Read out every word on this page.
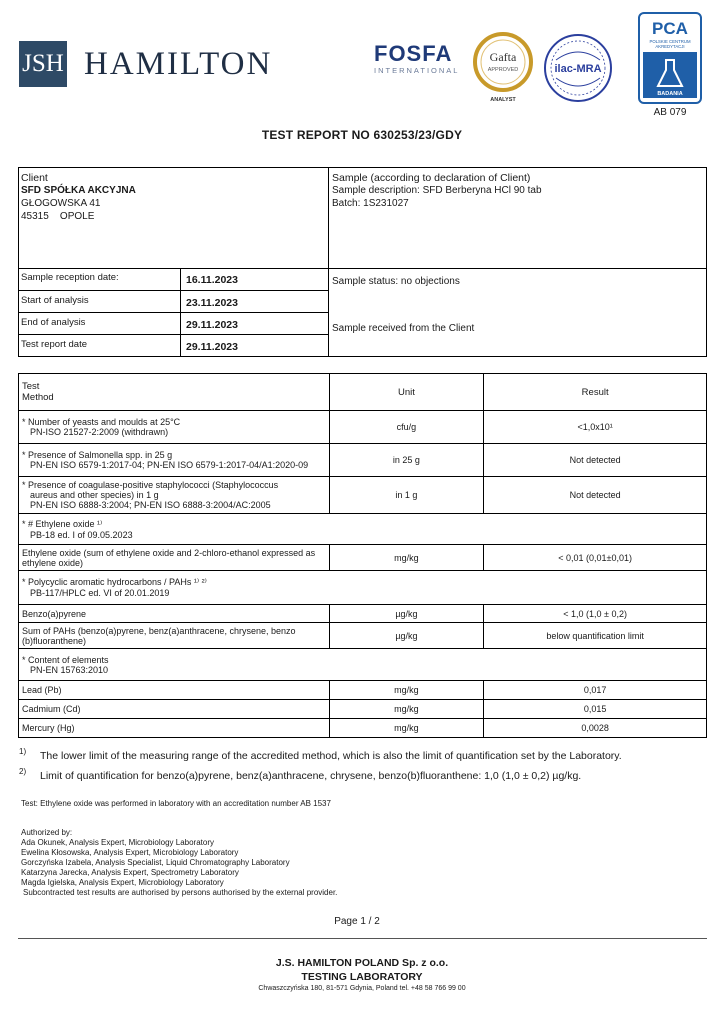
JSH HAMILTON	FOSFA
INTERNATIONAL
Gafta
APPROVED
ANALYST
ilac-MRA
PCA
POLSKIE CENTRUM
AKREDYTACJI
BADANIA
AB 079
TEST REPORT NO 630253/23/GDY
Client
SFD SPÓŁKA AKCYJNA
GŁOGOWSKA 41
45315    OPOLE
Sample (according to declaration of Client)
Sample description: SFD Berberyna HCl 90 tab
Batch: 1S231027
Sample status: no objections
Sample received from the Client
Sample reception date:	16.11.2023
Start of analysis	23.11.2023
End of analysis	29.11.2023
Test report date	29.11.2023
Test
Method	Unit	Result

* Number of yeasts and moulds at 25°C
PN-ISO 21527-2:2009 (withdrawn)	cfu/g	<1,0x10¹

* Presence of Salmonella spp. in 25 g
PN-EN ISO 6579-1:2017-04; PN-EN ISO 6579-1:2017-04/A1:2020-09	in 25 g	Not detected

* Presence of coagulase-positive staphylococci (Staphylococcus
aureus and other species) in 1 g
PN-EN ISO 6888-3:2004; PN-EN ISO 6888-3:2004/AC:2005	in 1 g	Not detected

* # Ethylene oxide ¹⁾
PB-18 ed. I of 09.05.2023		

Ethylene oxide (sum of ethylene oxide and 2-chloro-ethanol expressed as ethylene oxide)	mg/kg	< 0,01 (0,01±0,01)

* Polycyclic aromatic hydrocarbons / PAHs ¹⁾ ²⁾
PB-117/HPLC ed. VI of 20.01.2019		

Benzo(a)pyrene	µg/kg	< 1,0 (1,0 ± 0,2)
Sum of PAHs (benzo(a)pyrene, benz(a)anthracene, chrysene, benzo (b)fluoranthene)	µg/kg	below quantification limit

* Content of elements
PN-EN 15763:2010		

Lead (Pb)	mg/kg	0,017
Cadmium (Cd)	mg/kg	0,015
Mercury (Hg)	mg/kg	0,0028
1) The lower limit of the measuring range of the accredited method, which is also the limit of quantification set by the Laboratory.
2) Limit of quantification for benzo(a)pyrene, benz(a)anthracene, chrysene, benzo(b)fluoranthene: 1,0 (1,0 ± 0,2) µg/kg.
Test: Ethylene oxide was performed in laboratory with an accreditation number AB 1537
Authorized by:
Ada Okunek, Analysis Expert, Microbiology Laboratory
Ewelina Kłosowska, Analysis Expert, Microbiology Laboratory
Gorczyńska Izabela, Analysis Specialist, Liquid Chromatography Laboratory
Katarzyna Jarecka, Analysis Expert, Spectrometry Laboratory
Magda Igielska, Analysis Expert, Microbiology Laboratory
Subcontracted test results are authorised by persons authorised by the external provider.
Page 1 / 2
J.S. HAMILTON POLAND Sp. z o.o.
TESTING LABORATORY
Chwaszczyńska 180, 81-571 Gdynia, Poland tel. +48 58 766 99 00
